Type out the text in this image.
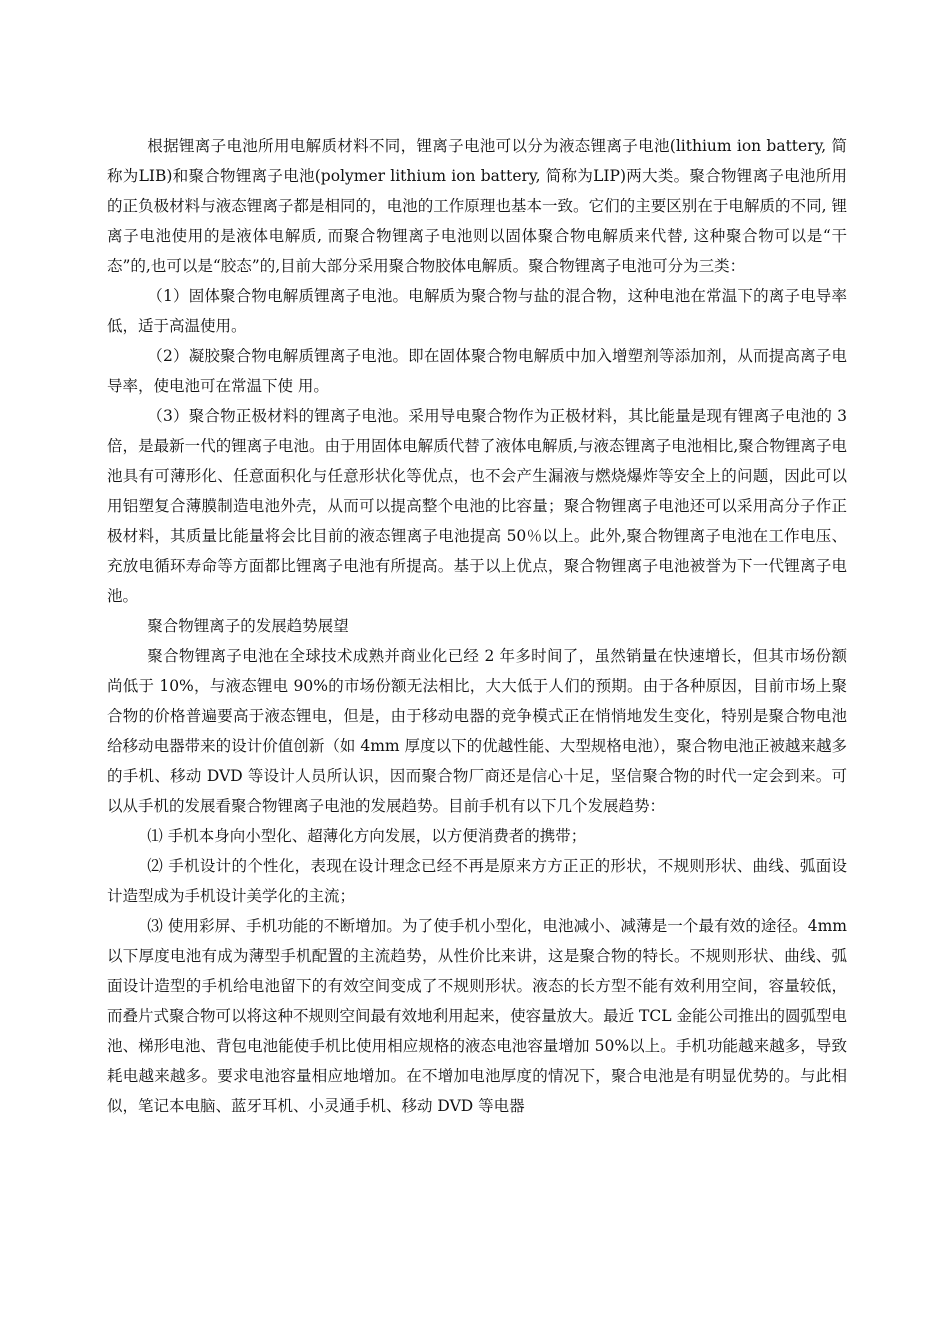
根据锂离子电池所用电解质材料不同，锂离子电池可以分为液态锂离子电池(lithium ion battery, 简称为LIB)和聚合物锂离子电池(polymer lithium ion battery, 简称为LIP)两大类。聚合物锂离子电池所用的正负极材料与液态锂离子都是相同的，电池的工作原理也基本一致。它们的主要区别在于电解质的不同, 锂离子电池使用的是液体电解质, 而聚合物锂离子电池则以固体聚合物电解质来代替, 这种聚合物可以是“干态”的,也可以是“胶态”的,目前大部分采用聚合物胶体电解质。聚合物锂离子电池可分为三类：

（1）固体聚合物电解质锂离子电池。电解质为聚合物与盐的混合物，这种电池在常温下的离子电导率低，适于高温使用。

（2）凝胶聚合物电解质锂离子电池。即在固体聚合物电解质中加入增塑剂等添加剂，从而提高离子电导率，使电池可在常温下使 用。

（3）聚合物正极材料的锂离子电池。采用导电聚合物作为正极材料，其比能量是现有锂离子电池的 3 倍，是最新一代的锂离子电池。由于用固体电解质代替了液体电解质,与液态锂离子电池相比,聚合物锂离子电池具有可薄形化、任意面积化与任意形状化等优点，也不会产生漏液与燃烧爆炸等安全上的问题，因此可以用铝塑复合薄膜制造电池外壳，从而可以提高整个电池的比容量；聚合物锂离子电池还可以采用高分子作正极材料，其质量比能量将会比目前的液态锂离子电池提高 50％以上。此外,聚合物锂离子电池在工作电压、充放电循环寿命等方面都比锂离子电池有所提高。基于以上优点，聚合物锂离子电池被誉为下一代锂离子电池。

聚合物锂离子的发展趋势展望

聚合物锂离子电池在全球技术成熟并商业化已经 2 年多时间了，虽然销量在快速增长，但其市场份额尚低于 10%，与液态锂电 90%的市场份额无法相比，大大低于人们的预期。由于各种原因，目前市场上聚合物的价格普遍要高于液态锂电，但是，由于移动电器的竞争模式正在悄悄地发生变化，特别是聚合物电池给移动电器带来的设计价值创新（如 4mm 厚度以下的优越性能、大型规格电池），聚合物电池正被越来越多的手机、移动 DVD 等设计人员所认识，因而聚合物厂商还是信心十足，坚信聚合物的时代一定会到来。可以从手机的发展看聚合物锂离子电池的发展趋势。目前手机有以下几个发展趋势：

⑴ 手机本身向小型化、超薄化方向发展，以方便消费者的携带；

⑵ 手机设计的个性化，表现在设计理念已经不再是原来方方正正的形状，不规则形状、曲线、弧面设计造型成为手机设计美学化的主流；

⑶ 使用彩屏、手机功能的不断增加。为了使手机小型化，电池减小、减薄是一个最有效的途径。4mm 以下厚度电池有成为薄型手机配置的主流趋势，从性价比来讲，这是聚合物的特长。不规则形状、曲线、弧面设计造型的手机给电池留下的有效空间变成了不规则形状。液态的长方型不能有效利用空间，容量较低，而叠片式聚合物可以将这种不规则空间最有效地利用起来，使容量放大。最近 TCL 金能公司推出的圆弧型电池、梯形电池、背包电池能使手机比使用相应规格的液态电池容量增加 50%以上。手机功能越来越多，导致耗电越来越多。要求电池容量相应地增加。在不增加电池厚度的情况下，聚合电池是有明显优势的。与此相似，笔记本电脑、蓝牙耳机、小灵通手机、移动 DVD 等电器
